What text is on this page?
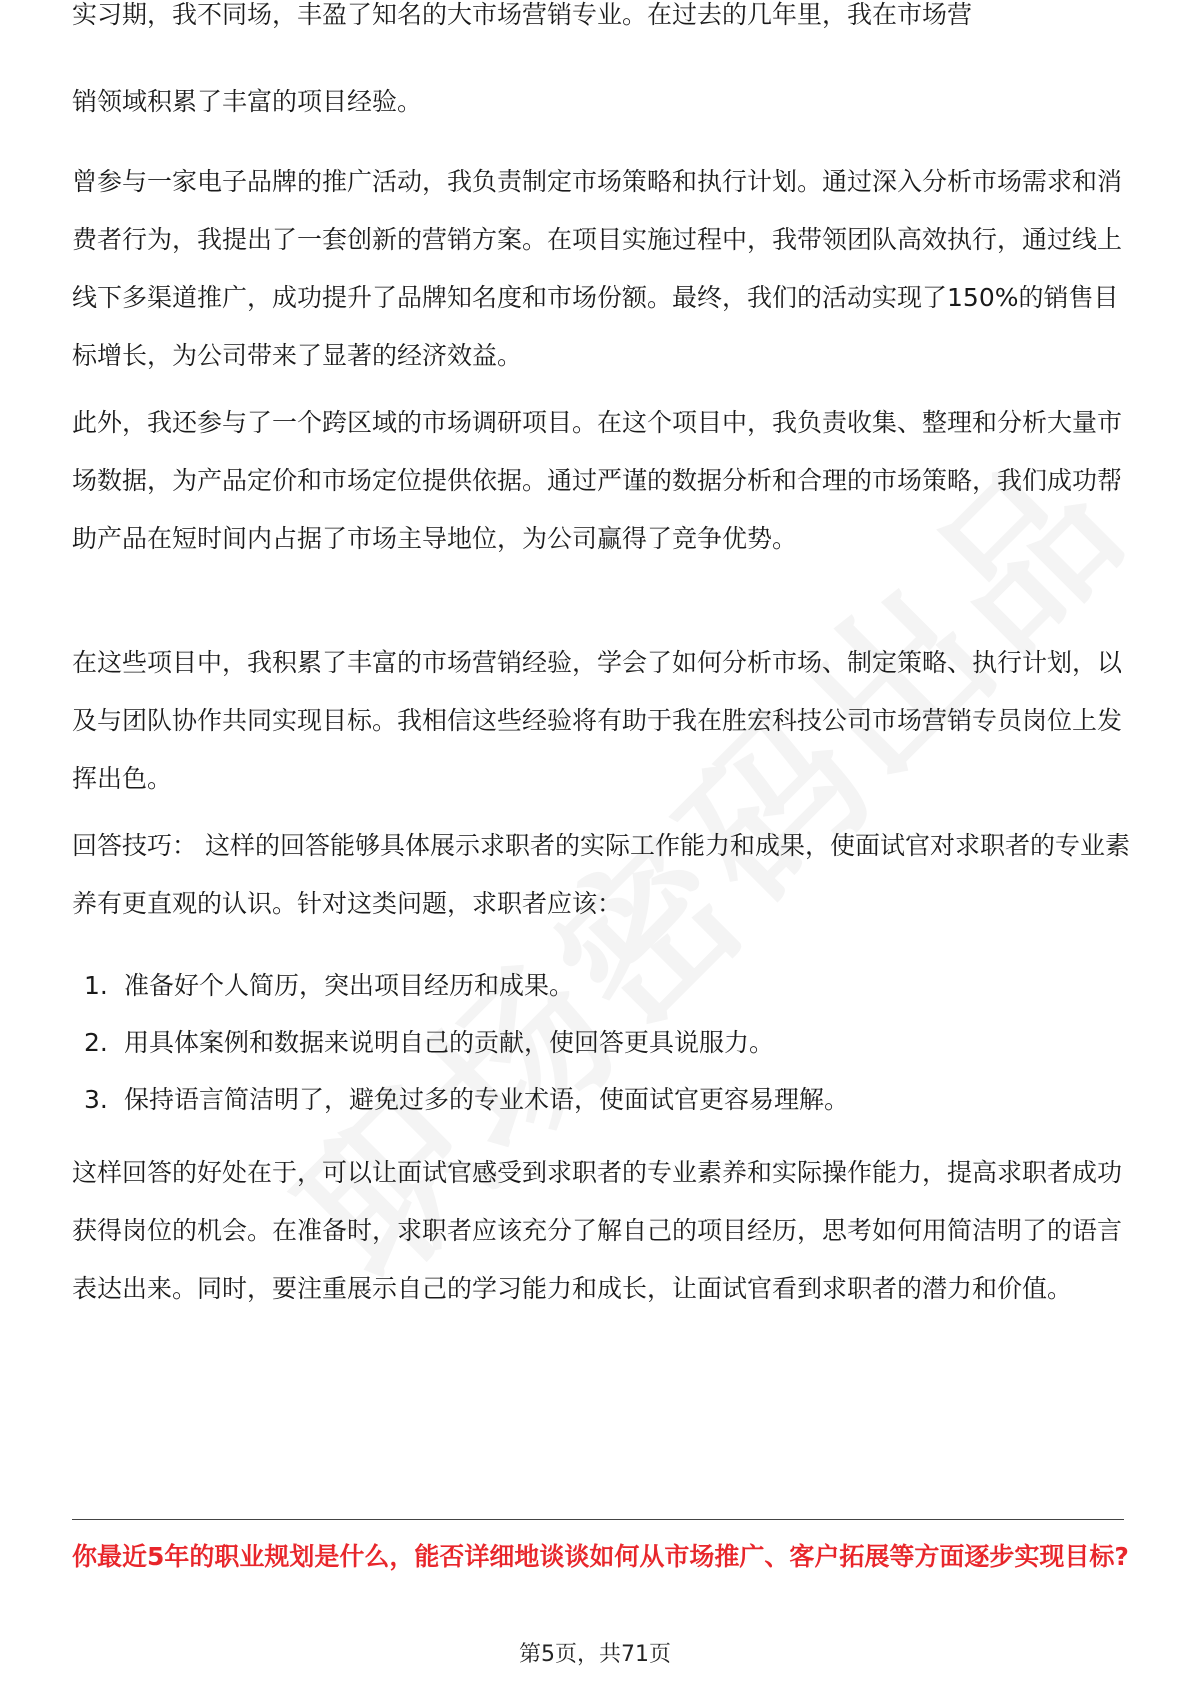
实习期，我不同场，丰盈了知名的大市场营销专业。在过去的几年里，我在市场营

销领域积累了丰富的项目经验。

曾参与一家电子品牌的推广活动，我负责制定市场策略和执行计划。通过深入分析市场需求和消费者行为，我提出了一套创新的营销方案。在项目实施过程中，我带领团队高效执行，通过线上线下多渠道推广，成功提升了品牌知名度和市场份额。最终，我们的活动实现了150%的销售目标增长，为公司带来了显著的经济效益。

此外，我还参与了一个跨区域的市场调研项目。在这个项目中，我负责收集、整理和分析大量市场数据，为产品定价和市场定位提供依据。通过严谨的数据分析和合理的市场策略，我们成功帮助产品在短时间内占据了市场主导地位，为公司赢得了竞争优势。

在这些项目中，我积累了丰富的市场营销经验，学会了如何分析市场、制定策略、执行计划，以及与团队协作共同实现目标。我相信这些经验将有助于我在胜宏科技公司市场营销专员岗位上发挥出色。

回答技巧： 这样的回答能够具体展示求职者的实际工作能力和成果，使面试官对求职者的专业素养有更直观的认识。针对这类问题，求职者应该：

1. 准备好个人简历，突出项目经历和成果。
2. 用具体案例和数据来说明自己的贡献，使回答更具说服力。
3. 保持语言简洁明了，避免过多的专业术语，使面试官更容易理解。

这样回答的好处在于，可以让面试官感受到求职者的专业素养和实际操作能力，提高求职者成功获得岗位的机会。在准备时，求职者应该充分了解自己的项目经历，思考如何用简洁明了的语言表达出来。同时，要注重展示自己的学习能力和成长，让面试官看到求职者的潜力和价值。

你最近5年的职业规划是什么，能否详细地谈谈如何从市场推广、客户拓展等方面逐步实现目标?

第5页，共71页
